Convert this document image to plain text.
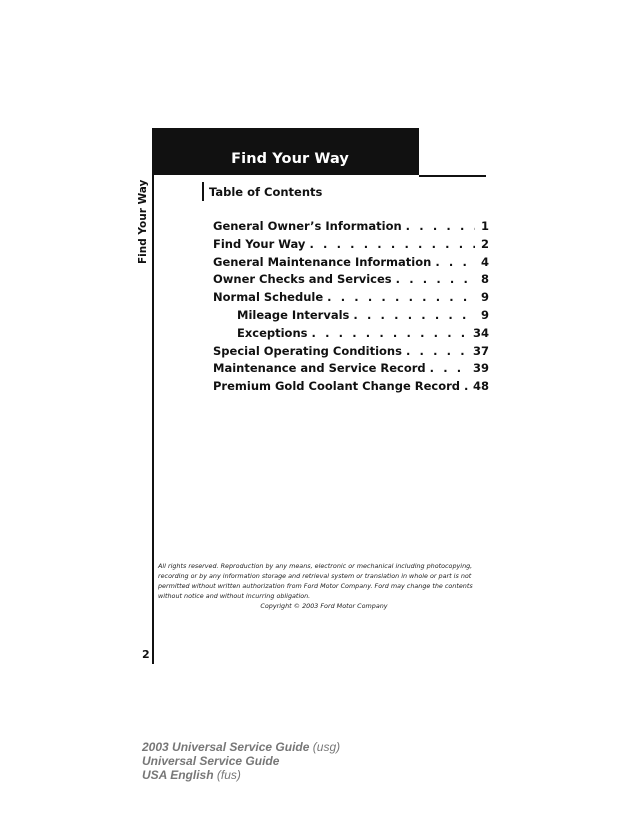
Find Your Way
Find Your Way	Table of Contents
General Owner’s Information . . .	1
Find Your Way . . .	2
General Maintenance Information . . .	4
Owner Checks and Services . . .	8
Normal Schedule . . .	9
Mileage Intervals . . .	9
Exceptions . . .	34
Special Operating Conditions . . .	37
Maintenance and Service Record . . .	39
Premium Gold Coolant Change Record . . . 48
All rights reserved. Reproduction by any means, electronic or mechanical including photocopying, recording or by any information storage and retrieval system or translation in whole or part is not permitted without written authorization from Ford Motor Company. Ford may change the contents without notice and without incurring obligation.
Copyright © 2003 Ford Motor Company
2
2003 Universal Service Guide (usg)
Universal Service Guide
USA English (fus)
